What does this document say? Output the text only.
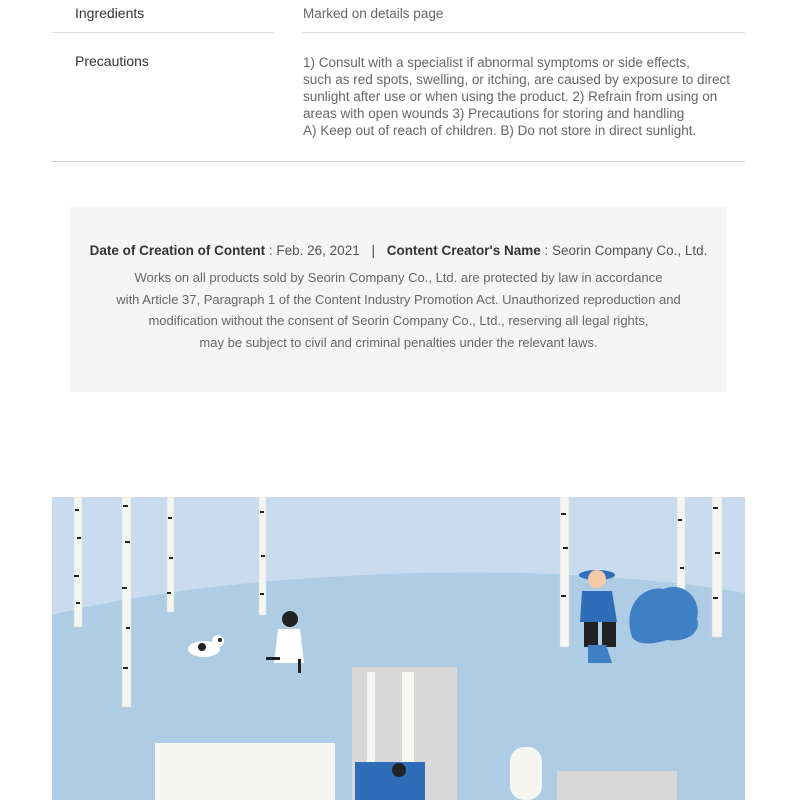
Ingredients	Marked on details page
Precautions	1) Consult with a specialist if abnormal symptoms or side effects,
such as red spots, swelling, or itching, are caused by exposure to direct
sunlight after use or when using the product. 2) Refrain from using on
areas with open wounds 3) Precautions for storing and handling
A) Keep out of reach of children. B) Do not store in direct sunlight.
Date of Creation of Content : Feb. 26, 2021 | Content Creator's Name : Seorin Company Co., Ltd.
Works on all products sold by Seorin Company Co., Ltd. are protected by law in accordance
with Article 37, Paragraph 1 of the Content Industry Promotion Act. Unauthorized reproduction and
modification without the consent of Seorin Company Co., Ltd., reserving all legal rights,
may be subject to civil and criminal penalties under the relevant laws.
